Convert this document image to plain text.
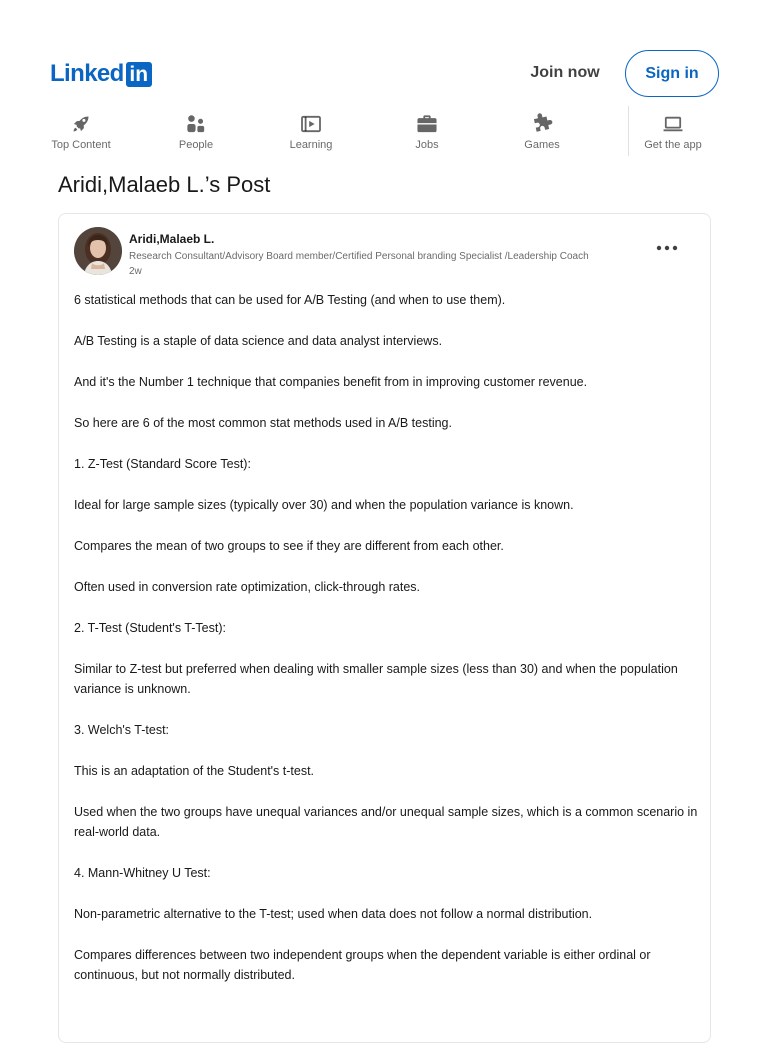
Linked in	Join now	Sign in
Top Content	People	Learning	Jobs	Games	Get the app
Aridi,Malaeb L.’s Post
Aridi,Malaeb L.
Research Consultant/Advisory Board member/Certified Personal branding Specialist /Leadership Coach
2w

6 statistical methods that can be used for A/B Testing (and when to use them).

A/B Testing is a staple of data science and data analyst interviews.

And it's the Number 1 technique that companies benefit from in improving customer revenue.

So here are 6 of the most common stat methods used in A/B testing.

1. Z-Test (Standard Score Test):

Ideal for large sample sizes (typically over 30) and when the population variance is known.

Compares the mean of two groups to see if they are different from each other.

Often used in conversion rate optimization, click-through rates.

2. T-Test (Student's T-Test):

Similar to Z-test but preferred when dealing with smaller sample sizes (less than 30) and when the population variance is unknown.

3. Welch's T-test:

This is an adaptation of the Student's t-test.

Used when the two groups have unequal variances and/or unequal sample sizes, which is a common scenario in real-world data.

4. Mann-Whitney U Test:

Non-parametric alternative to the T-test; used when data does not follow a normal distribution.

Compares differences between two independent groups when the dependent variable is either ordinal or continuous, but not normally distributed.
